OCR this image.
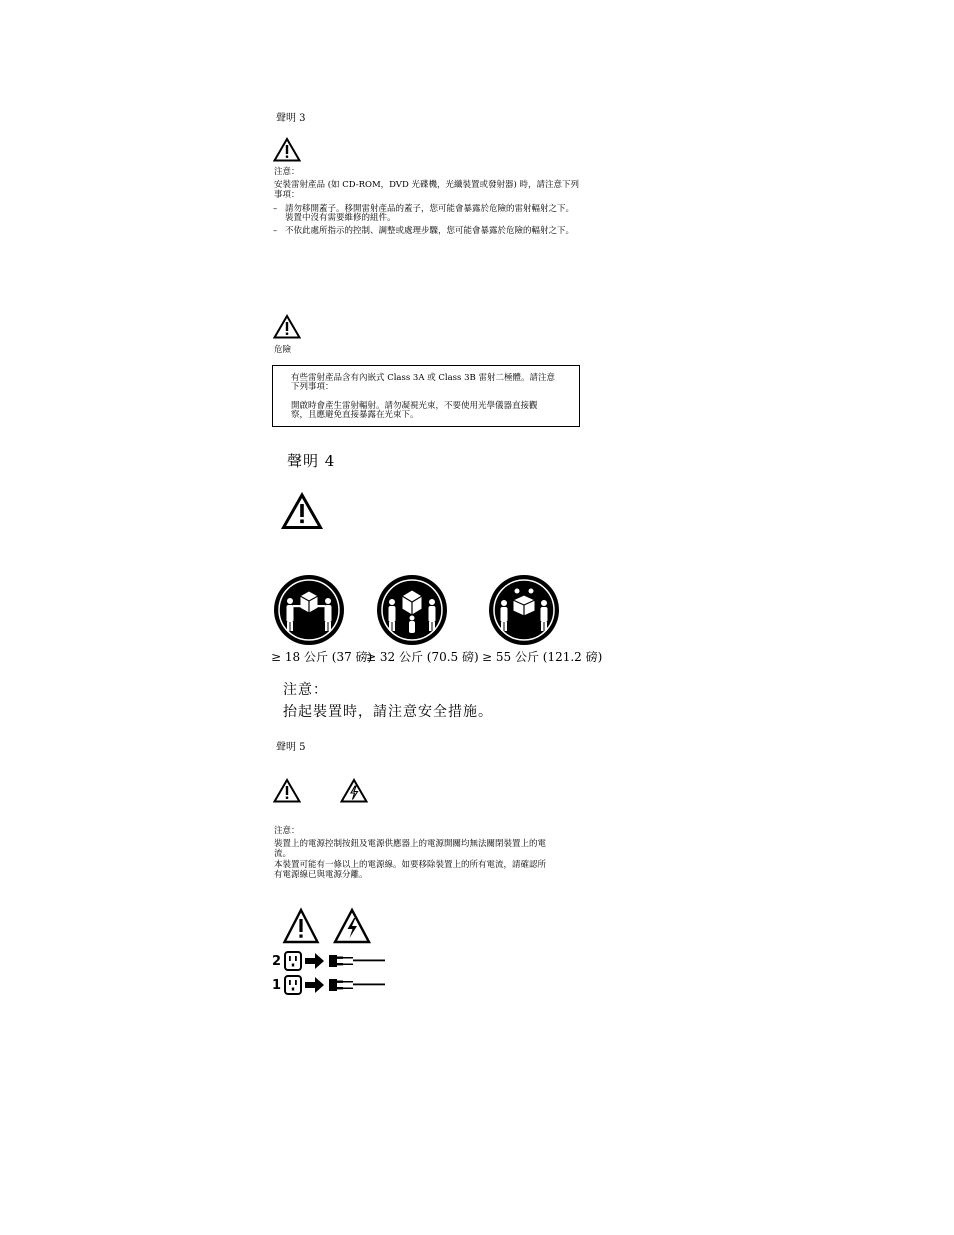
聲明 3
注意：
安裝雷射產品 (如 CD-ROM，DVD 光碟機，光纖裝置或發射器) 時，請注意下列
事項：
– 請勿移開蓋子。移開雷射產品的蓋子，您可能會暴露於危險的雷射輻射之下。
裝置中沒有需要維修的組件。
– 不依此處所指示的控制、調整或處理步驟，您可能會暴露於危險的輻射之下。
危險
有些雷射產品含有內嵌式 Class 3A 或 Class 3B 雷射二極體。請注意
下列事項：
開啟時會產生雷射輻射。請勿凝視光束，不要使用光學儀器直接觀
察，且應避免直接暴露在光束下。
聲明 4
≥ 18 公斤 (37 磅)
≥ 32 公斤 (70.5 磅) ≥ 55 公斤 (121.2 磅)
注意：
抬起裝置時，請注意安全措施。
聲明 5
注意：
裝置上的電源控制按鈕及電源供應器上的電源開關均無法關閉裝置上的電
流。
本裝置可能有一條以上的電源線。如要移除裝置上的所有電流，請確認所
有電源線已與電源分離。
2
1
